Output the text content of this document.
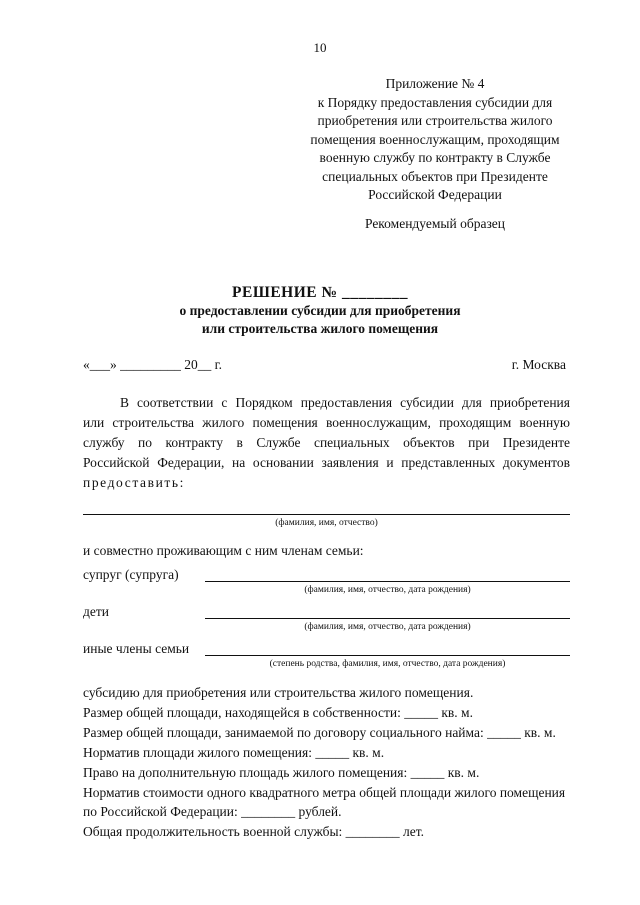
10
Приложение № 4
к Порядку предоставления субсидии для
приобретения или строительства жилого
помещения военнослужащим, проходящим
военную службу по контракту в Службе
специальных объектов при Президенте
Российской Федерации
Рекомендуемый образец
РЕШЕНИЕ № ________
о предоставлении субсидии для приобретения
или строительства жилого помещения
«___» _________ 20__ г.	г. Москва
В соответствии с Порядком предоставления субсидии для приобретения
или строительства жилого помещения военнослужащим, проходящим военную
службу по контракту в Службе специальных объектов при Президенте
Российской Федерации, на основании заявления и представленных документов
предоставить:
(фамилия, имя, отчество)
и совместно проживающим с ним членам семьи:
супруг (супруга)
(фамилия, имя, отчество, дата рождения)
дети
(фамилия, имя, отчество, дата рождения)
иные члены семьи
(степень родства, фамилия, имя, отчество, дата рождения)
субсидию для приобретения или строительства жилого помещения.
Размер общей площади, находящейся в собственности: _____ кв. м.
Размер общей площади, занимаемой по договору социального найма: _____ кв. м.
Норматив площади жилого помещения: _____ кв. м.
Право на дополнительную площадь жилого помещения: _____ кв. м.
Норматив стоимости одного квадратного метра общей площади жилого помещения
по Российской Федерации: ________ рублей.
Общая продолжительность военной службы: ________ лет.
